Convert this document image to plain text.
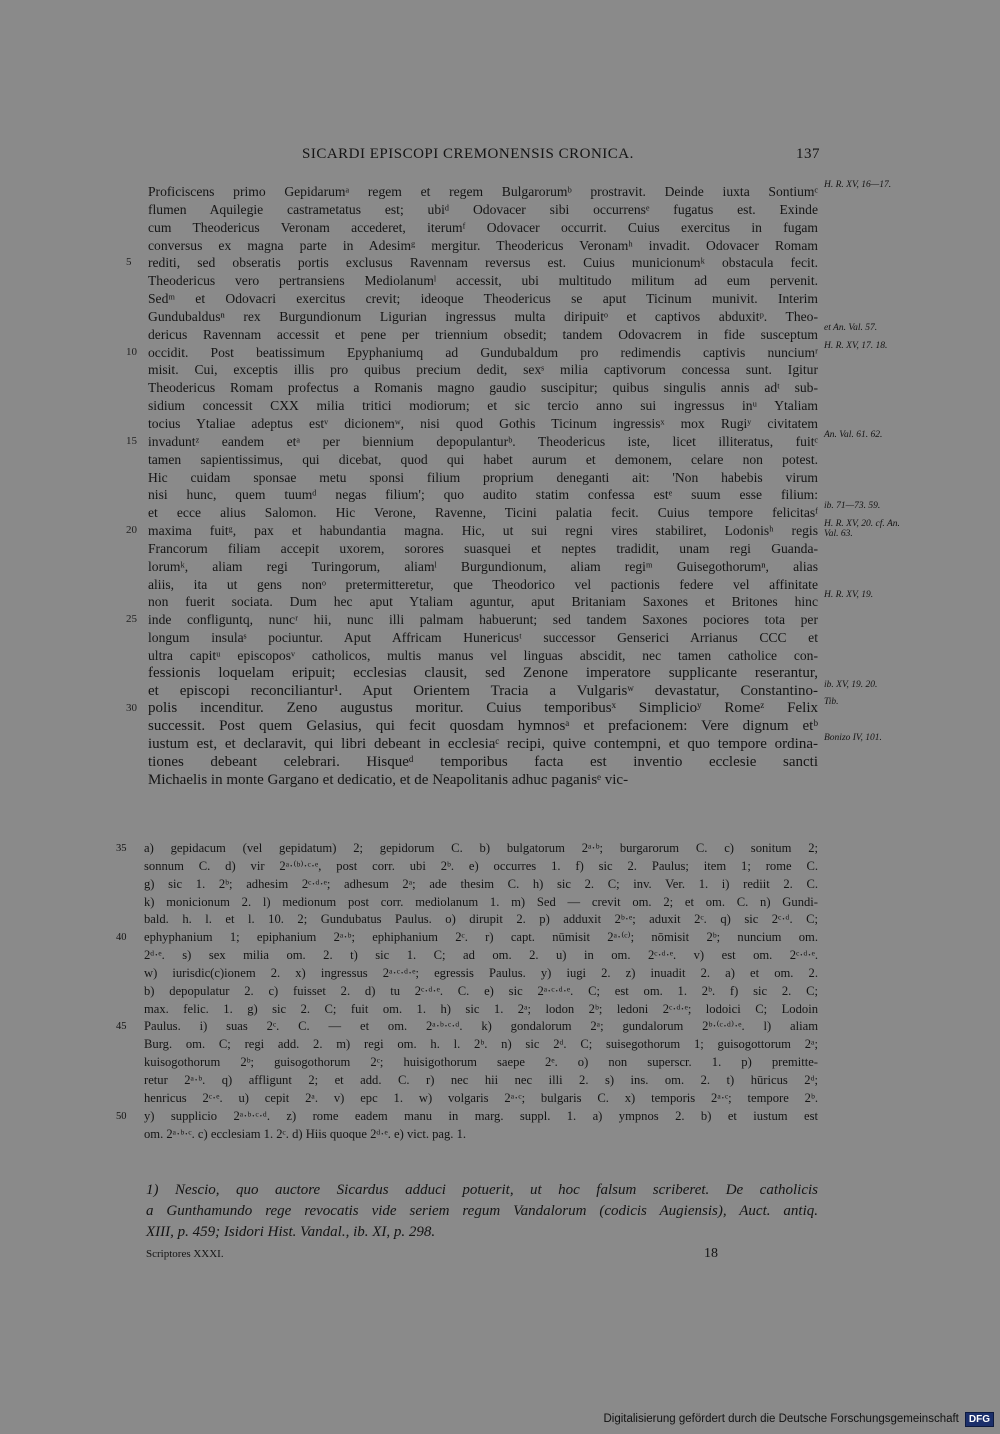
SICARDI EPISCOPI CREMONENSIS CRONICA.	137
Proficiscens primo Gepidarumᵃ regem et regem Bulgarorumᵇ prostravit. Deinde iuxta Sontiumᶜ H. R. XV, 16—17.
flumen Aquilegie castrametatus est; ubiᵈ Odovacer sibi occurrensᵉ fugatus est. Exinde
cum Theodericus Veronam accederet, iterumᶠ Odovacer occurrit. Cuius exercitus in fugam
conversus ex magna parte in Adesimᵍ mergitur. Theodericus Veronamʰ invadit. Odovacer Romam
rediti, sed obseratis portis exclusus Ravennam reversus est. Cuius municionumᵏ obstacula fecit.
5
Theodericus vero pertransiens Mediolanumˡ accessit, ubi multitudo militum ad eum pervenit.
Sedᵐ et Odovacri exercitus crevit; ideoque Theodericus se aput Ticinum munivit. Interim
Gundubaldusⁿ rex Burgundionum Ligurian ingressus multa diripuitᵒ et captivos abduxitᵖ. Theo-
dericus Ravennam accessit et pene per triennium obsedit; tandem Odovacrem in fide susceptum et An. Val. 57.
occidit. Post beatissimum Epyphaniumq ad Gundubaldum pro redimendis captivis nunciumʳ
10	H. R. XV, 17. 18.
misit. Cui, exceptis illis pro quibus precium dedit, sexˢ milia captivorum concessa sunt. Igitur
Theodericus Romam profectus a Romanis magno gaudio suscipitur; quibus singulis annis adᵗ sub-
sidium concessit CXX milia tritici modiorum; et sic tercio anno sui ingressus inᵘ Ytaliam
tocius Ytaliae adeptus estᵛ dicionemʷ, nisi quod Gothis Ticinum ingressisˣ mox Rugiʸ civitatem
invaduntᶻ eandem etᵃ per biennium depopulanturᵇ. Theodericus iste, licet illiteratus, fuitᶜ
15	An. Val. 61. 62.
tamen sapientissimus, qui dicebat, quod qui habet aurum et demonem, celare non potest.
Hic cuidam sponsae metu sponsi filium proprium deneganti ait: 'Non habebis virum
nisi hunc, quem tuumᵈ negas filium'; quo audito statim confessa estᵉ suum esse filium:
et ecce alius Salomon. Hic Verone, Ravenne, Ticini palatia fecit. Cuius tempore felicitasᶠ ib. 71—73. 59.
maxima fuitᵍ, pax et habundantia magna. Hic, ut sui regni vires stabiliret, Lodonisʰ regis
20	H. R. XV, 20. cf. An. Val. 63.
Francorum filiam accepit uxorem, sorores suasquei et neptes tradidit, unam regi Guanda-
lorumᵏ, aliam regi Turingorum, aliamˡ Burgundionum, aliam regiᵐ Guisegothorumⁿ, alias
aliis, ita ut gens nonᵒ pretermitteretur, que Theodorico vel pactionis federe vel affinitate
non fuerit sociata. Dum hec aput Ytaliam aguntur, aput Britaniam Saxones et Britones hinc H. R. XV, 19.
inde confliguntq, nuncʳ hii, nunc illi palmam habuerunt; sed tandem Saxones pociores tota per
25
longum insulaˢ pociuntur. Aput Affricam Hunericusᵗ successor Genserici Arrianus CCC et
ultra capitᵘ episcoposᵛ catholicos, multis manus vel linguas abscidit, nec tamen catholice con-
fessionis loquelam eripuit; ecclesias clausit, sed Zenone imperatore supplicante reserantur,
et episcopi reconciliantur¹. Aput Orientem Tracia a Vulgarisʷ devastatur, Constantino- ib. XV, 19. 20.
polis incenditur. Zeno augustus moritur. Cuius temporibusˣ Simplicioʸ Romeᶻ Felix
30	Tib.
successit. Post quem Gelasius, qui fecit quosdam hymnosᵃ et prefacionem: Vere dignum etᵇ
iustum est, et declaravit, qui libri debeant in ecclesiaᶜ recipi, quive contempni, et quo tempore ordina- Bonizo IV, 101.
tiones debeant celebrari. Hisqueᵈ temporibus facta est inventio ecclesie sancti
Michaelis in monte Gargano et dedicatio, et de Neapolitanis adhuc paganisᵉ vic-
a) gepidacum (vel gepidatum) 2; gepidorum C. b) bulgatorum 2ᵃ·ᵇ; burgarorum C. c) sonitum 2;
35
sonnum C. d) vir 2ᵃ·⁽ᵇ⁾·ᶜ·ᵉ, post corr. ubi 2ᵇ. e) occurres 1. f) sic 2. Paulus; item 1; rome C.
g) sic 1. 2ᵇ; adhesim 2ᶜ·ᵈ·ᵉ; adhesum 2ᵃ; ade thesim C. h) sic 2. C; inv. Ver. 1. i) rediit 2. C.
k) monicionum 2. l) medionum post corr. mediolanum 1. m) Sed — crevit om. 2; et om. C. n) Gundi-
bald. h. l. et l. 10. 2; Gundubatus Paulus. o) dirupit 2. p) adduxit 2ᵇ·ᵉ; aduxit 2ᶜ. q) sic 2ᶜ·ᵈ. C;
ephyphanium 1; epiphanium 2ᵃ·ᵇ; ephiphanium 2ᶜ. r) capt. nūmisit 2ᵃ·⁽ᶜ⁾; nōmisit 2ᵇ; nuncium om.
40
2ᵈ·ᵉ. s) sex milia om. 2. t) sic 1. C; ad om. 2. u) in om. 2ᶜ·ᵈ·ᵉ. v) est om. 2ᶜ·ᵈ·ᵉ.
w) iurisdic(c)ionem 2. x) ingressus 2ᵃ·ᶜ·ᵈ·ᵉ; egressis Paulus. y) iugi 2. z) inuadit 2. a) et om. 2.
b) depopulatur 2. c) fuisset 2. d) tu 2ᶜ·ᵈ·ᵉ. C. e) sic 2ᵃ·ᶜ·ᵈ·ᵉ. C; est om. 1. 2ᵇ. f) sic 2. C;
max. felic. 1. g) sic 2. C; fuit om. 1. h) sic 1. 2ᵃ; lodon 2ᵇ; ledoni 2ᶜ·ᵈ·ᵉ; lodoici C; Lodoin
Paulus. i) suas 2ᶜ. C. — et om. 2ᵃ·ᵇ·ᶜ·ᵈ. k) gondalorum 2ᵃ; gundalorum 2ᵇ·⁽ᶜ·ᵈ⁾·ᵉ. l) aliam
45
Burg. om. C; regi add. 2. m) regi om. h. l. 2ᵇ. n) sic 2ᵈ. C; suisegothorum 1; guisogottorum 2ᵃ;
kuisogothorum 2ᵇ; guisogothorum 2ᶜ; huisigothorum saepe 2ᵉ. o) non superscr. 1. p) premitte-
retur 2ᵃ·ᵇ. q) affligunt 2; et add. C. r) nec hii nec illi 2. s) ins. om. 2. t) hūricus 2ᵈ;
henricus 2ᶜ·ᵉ. u) cepit 2ᵃ. v) epc 1. w) volgaris 2ᵃ·ᶜ; bulgaris C. x) temporis 2ᵃ·ᶜ; tempore 2ᵇ.
y) supplicio 2ᵃ·ᵇ·ᶜ·ᵈ. z) rome eadem manu in marg. suppl. 1. a) ympnos 2. b) et iustum est
50
om. 2ᵃ·ᵇ·ᶜ. c) ecclesiam 1. 2ᶜ. d) Hiis quoque 2ᵈ·ᵉ. e) vict. pag. 1.
1) Nescio, quo auctore Sicardus adduci potuerit, ut hoc falsum scriberet. De catholicis
a Gunthamundo rege revocatis vide seriem regum Vandalorum (codicis Augiensis), Auct. antiq.
XIII, p. 459; Isidori Hist. Vandal., ib. XI, p. 298.
Scriptores XXXI.	18
Digitalisierung gefördert durch die Deutsche Forschungsgemeinschaft	DFG
